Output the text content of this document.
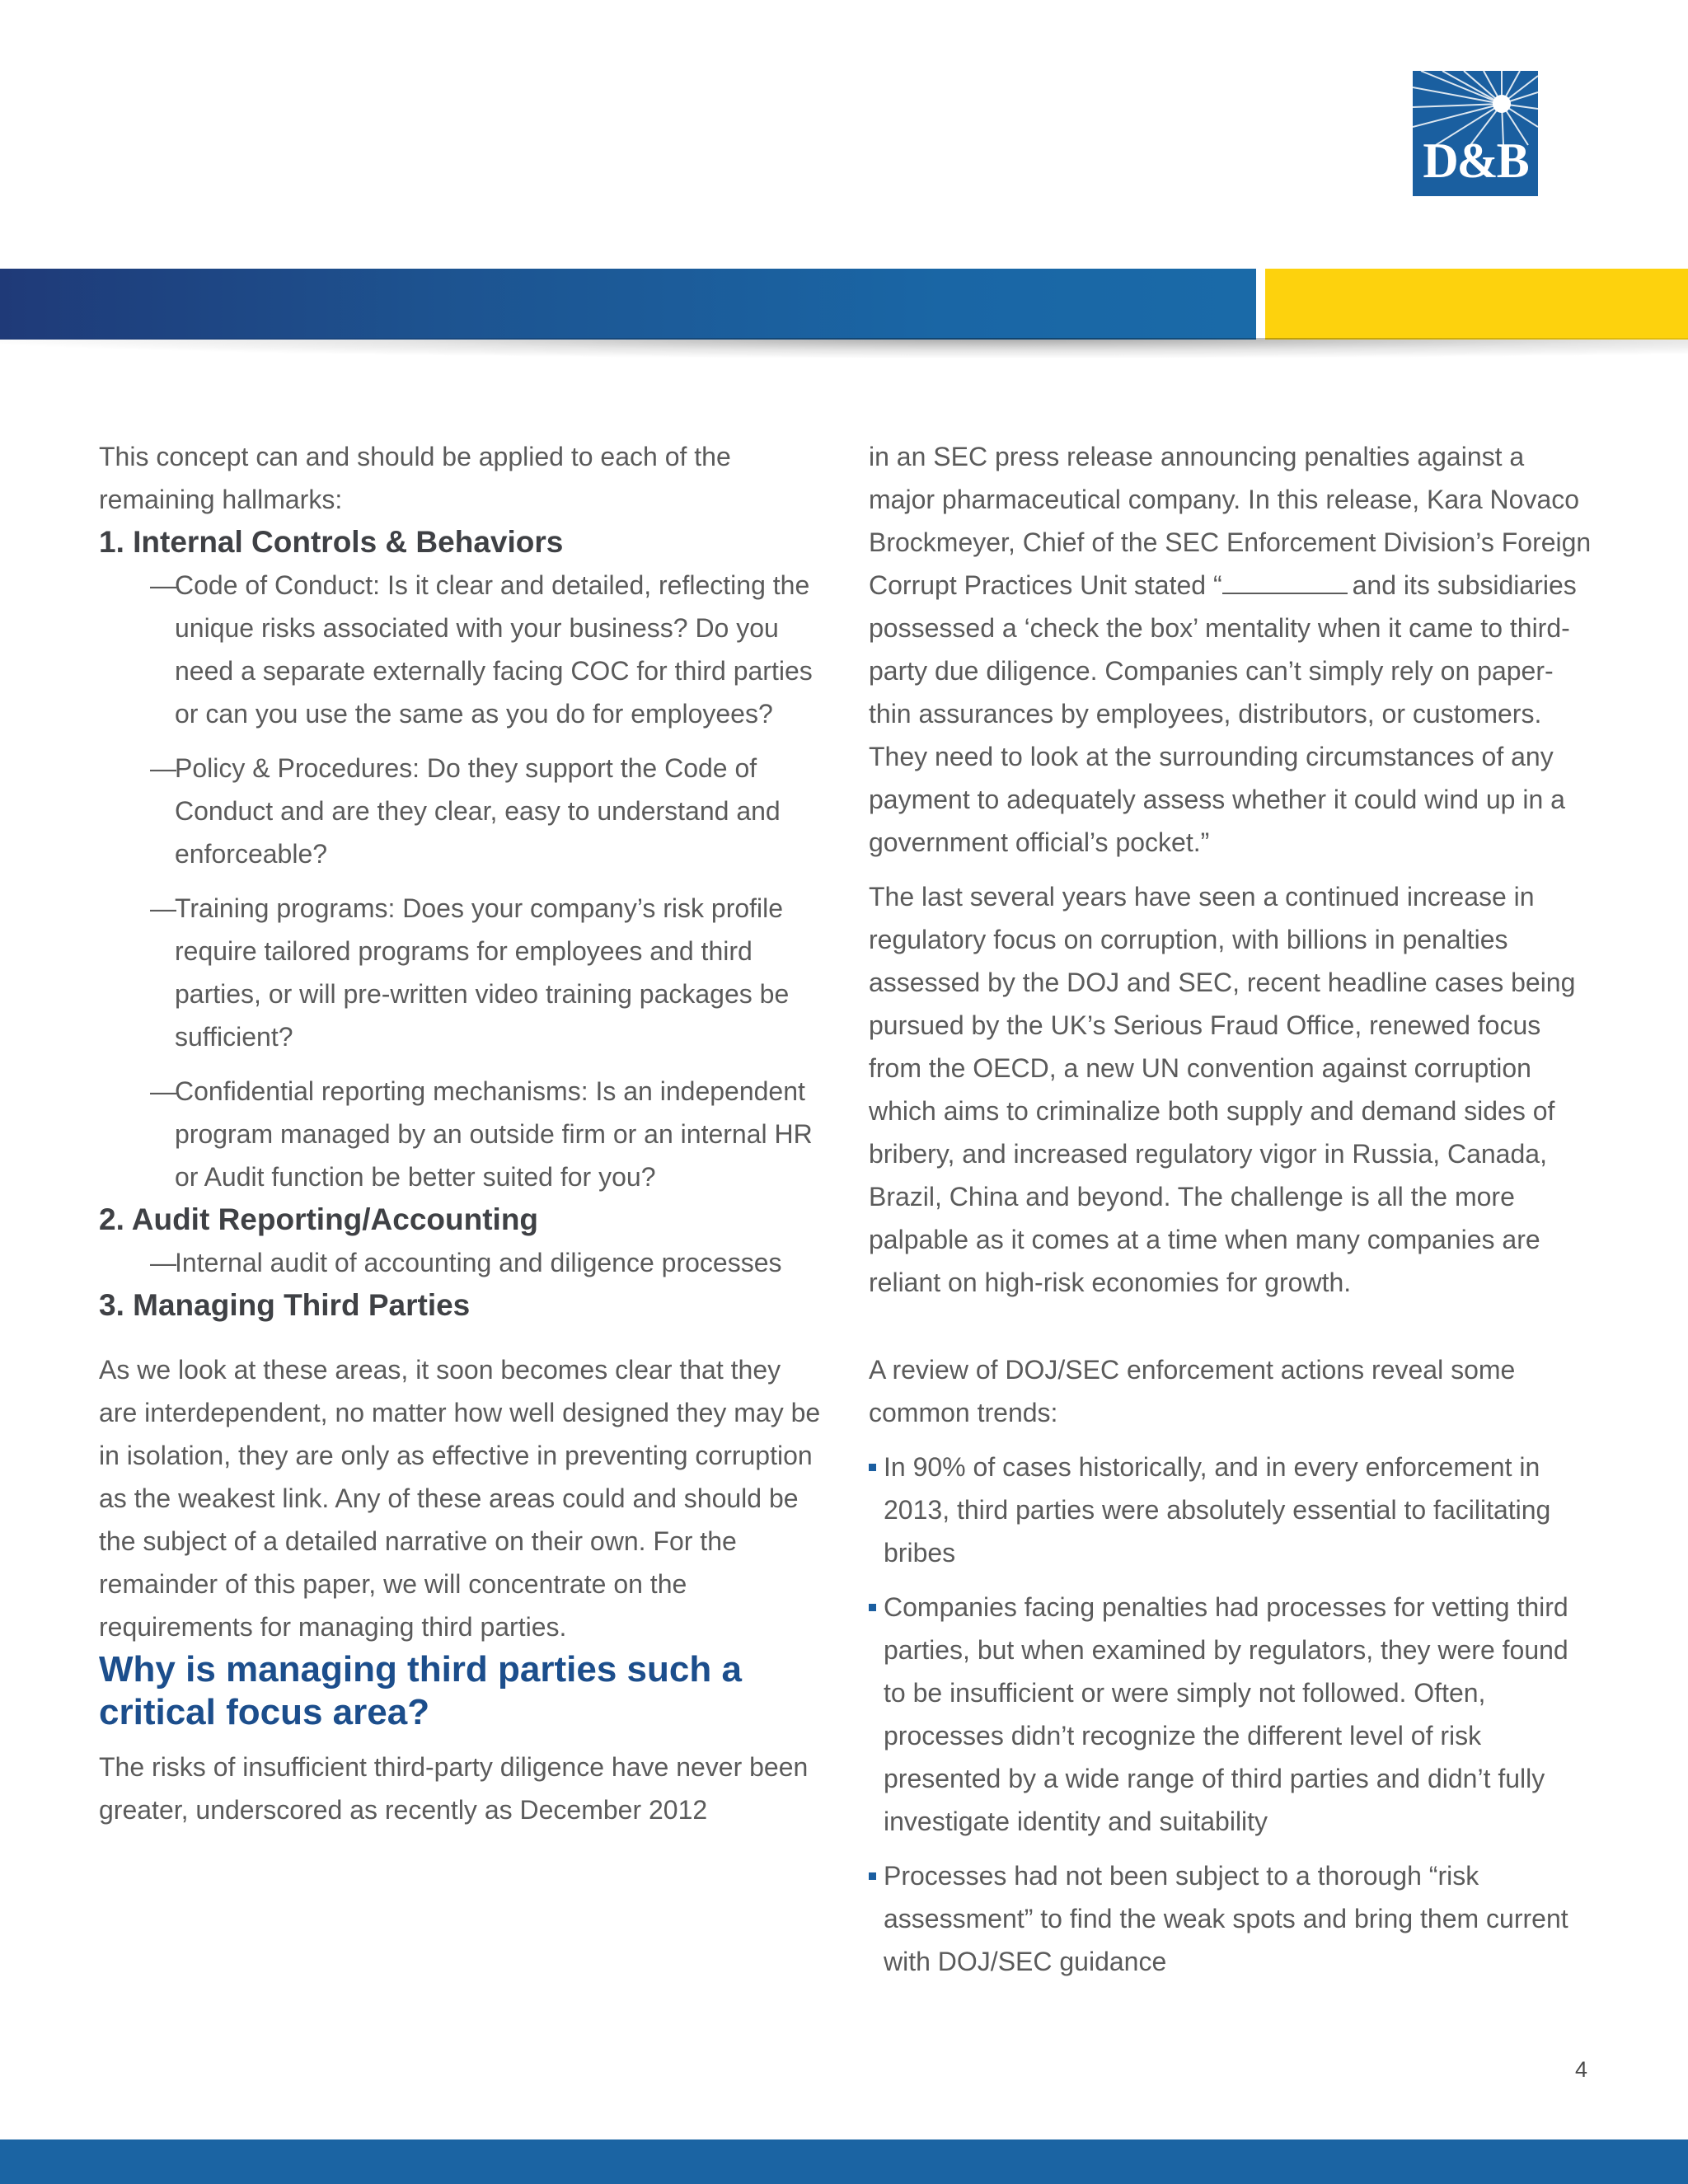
D&B

This concept can and should be applied to each of the remaining hallmarks:

1. Internal Controls & Behaviors
—
Code of Conduct: Is it clear and detailed, reflecting the unique risks associated with your business? Do you need a separate externally facing COC for third parties or can you use the same as you do for employees?
—
Policy & Procedures: Do they support the Code of Conduct and are they clear, easy to understand and enforceable?
—
Training programs: Does your company’s risk profile require tailored programs for employees and third parties, or will pre-written video training packages be sufficient?
—
Confidential reporting mechanisms: Is an independent program managed by an outside firm or an internal HR or Audit function be better suited for you?
2. Audit Reporting/Accounting
—
Internal audit of accounting and diligence processes
3. Managing Third Parties

As we look at these areas, it soon becomes clear that they are interdependent, no matter how well designed they may be in isolation, they are only as effective in preventing corruption as the weakest link. Any of these areas could and should be the subject of a detailed narrative on their own. For the remainder of this paper, we will concentrate on the requirements for managing third parties.

Why is managing third parties such a critical focus area?

The risks of insufficient third-party diligence have never been greater, underscored as recently as December 2012

in an SEC press release announcing penalties against a major pharmaceutical company. In this release, Kara Novaco Brockmeyer, Chief of the SEC Enforcement Division’s Foreign Corrupt Practices Unit stated “	and its subsidiaries possessed a ‘check the box’ mentality when it came to third-party due diligence. Companies can’t simply rely on paper-thin assurances by employees, distributors, or customers. They need to look at the surrounding circumstances of any payment to adequately assess whether it could wind up in a government official’s pocket.”

The last several years have seen a continued increase in regulatory focus on corruption, with billions in penalties assessed by the DOJ and SEC, recent headline cases being pursued by the UK’s Serious Fraud Office, renewed focus from the OECD, a new UN convention against corruption which aims to criminalize both supply and demand sides of bribery, and increased regulatory vigor in Russia, Canada, Brazil, China and beyond. The challenge is all the more palpable as it comes at a time when many companies are reliant on high-risk economies for growth.

A review of DOJ/SEC enforcement actions reveal some common trends:

In 90% of cases historically, and in every enforcement in 2013, third parties were absolutely essential to facilitating bribes
Companies facing penalties had processes for vetting third parties, but when examined by regulators, they were found to be insufficient or were simply not followed. Often, processes didn’t recognize the different level of risk presented by a wide range of third parties and didn’t fully investigate identity and suitability
Processes had not been subject to a thorough “risk assessment” to find the weak spots and bring them current with DOJ/SEC guidance
4
